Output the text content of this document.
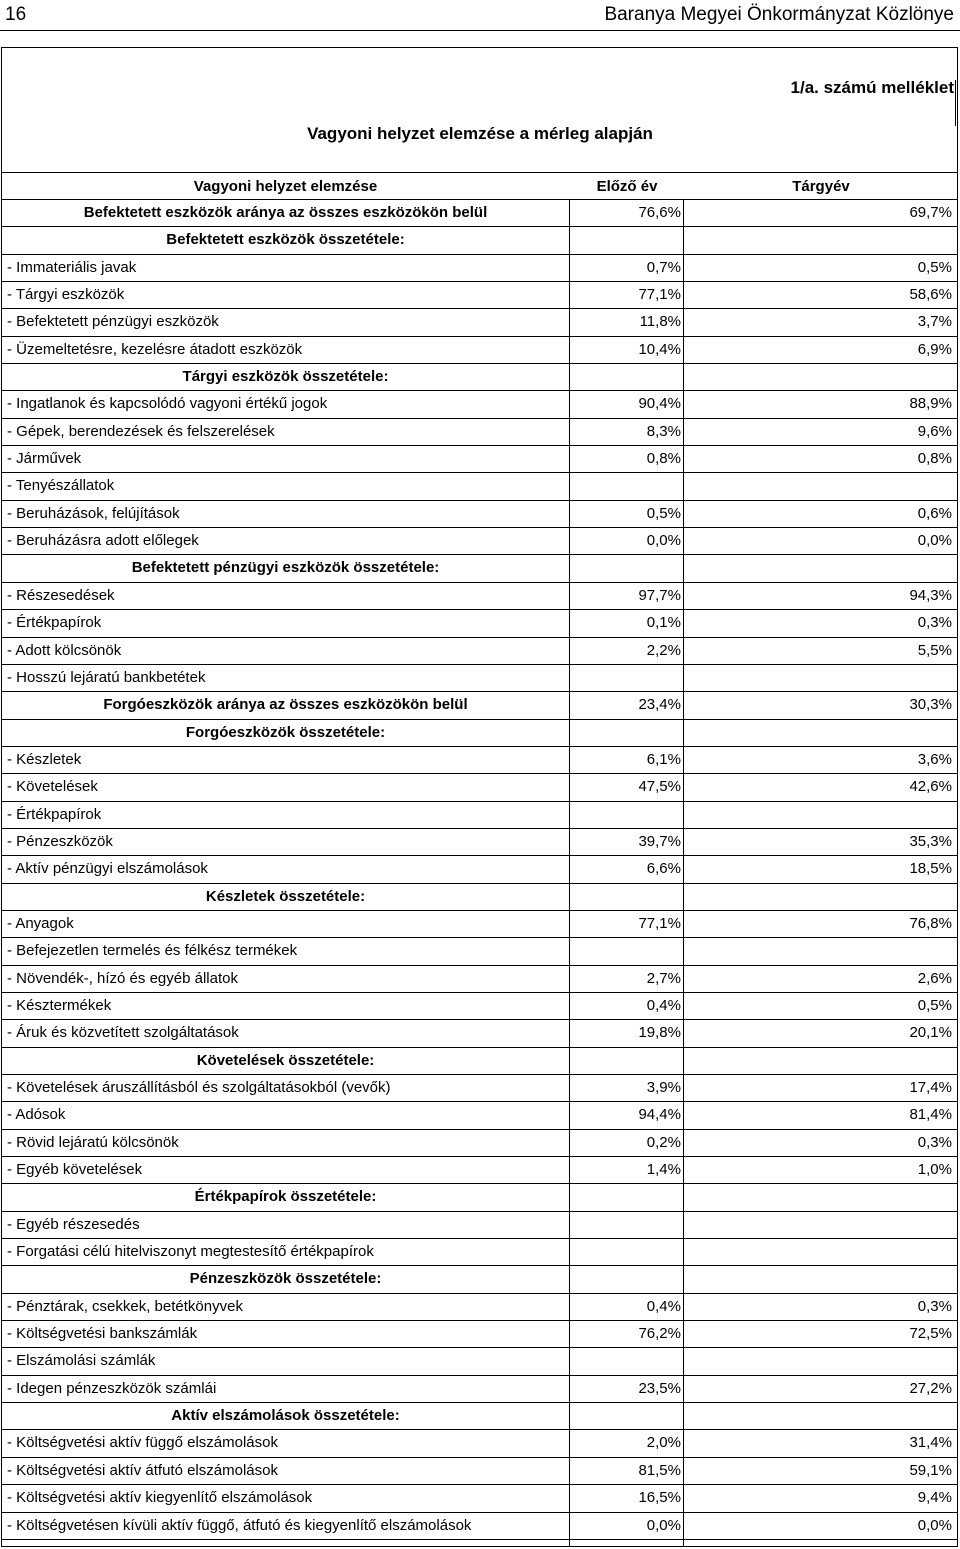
16	Baranya Megyei Önkormányzat Közlönye
1/a. számú melléklet
Vagyoni helyzet elemzése a mérleg alapján
Vagyoni helyzet elemzése	Előző év	Tárgyév
Befektetett eszközök aránya az összes eszközökön belül	76,6%	69,7%
Befektetett eszközök összetétele:
- Immateriális javak	0,7%	0,5%
- Tárgyi eszközök	77,1%	58,6%
- Befektetett pénzügyi eszközök	11,8%	3,7%
- Üzemeltetésre, kezelésre átadott eszközök	10,4%	6,9%
Tárgyi eszközök összetétele:
- Ingatlanok és kapcsolódó vagyoni értékű jogok	90,4%	88,9%
- Gépek, berendezések és felszerelések	8,3%	9,6%
- Járművek	0,8%	0,8%
- Tenyészállatok
- Beruházások, felújítások	0,5%	0,6%
- Beruházásra adott előlegek	0,0%	0,0%
Befektetett pénzügyi eszközök összetétele:
- Részesedések	97,7%	94,3%
- Értékpapírok	0,1%	0,3%
- Adott kölcsönök	2,2%	5,5%
- Hosszú lejáratú bankbetétek
Forgóeszközök aránya az összes eszközökön belül	23,4%	30,3%
Forgóeszközök összetétele:
- Készletek	6,1%	3,6%
- Követelések	47,5%	42,6%
- Értékpapírok
- Pénzeszközök	39,7%	35,3%
- Aktív pénzügyi elszámolások	6,6%	18,5%
Készletek összetétele:
- Anyagok	77,1%	76,8%
- Befejezetlen termelés és félkész termékek
- Növendék-, hízó és egyéb állatok	2,7%	2,6%
- Késztermékek	0,4%	0,5%
- Áruk és közvetített szolgáltatások	19,8%	20,1%
Követelések összetétele:
- Követelések áruszállításból és szolgáltatásokból (vevők)	3,9%	17,4%
- Adósok	94,4%	81,4%
- Rövid lejáratú kölcsönök	0,2%	0,3%
- Egyéb követelések	1,4%	1,0%
Értékpapírok összetétele:
- Egyéb részesedés
- Forgatási célú hitelviszonyt megtestesítő értékpapírok
Pénzeszközök összetétele:
- Pénztárak, csekkek, betétkönyvek	0,4%	0,3%
- Költségvetési bankszámlák	76,2%	72,5%
- Elszámolási számlák
- Idegen pénzeszközök számlái	23,5%	27,2%
Aktív elszámolások összetétele:
- Költségvetési aktív függő elszámolások	2,0%	31,4%
- Költségvetési aktív átfutó elszámolások	81,5%	59,1%
- Költségvetési aktív kiegyenlítő elszámolások	16,5%	9,4%
- Költségvetésen kívüli aktív függő, átfutó és kiegyenlítő elszámolások	0,0%	0,0%
